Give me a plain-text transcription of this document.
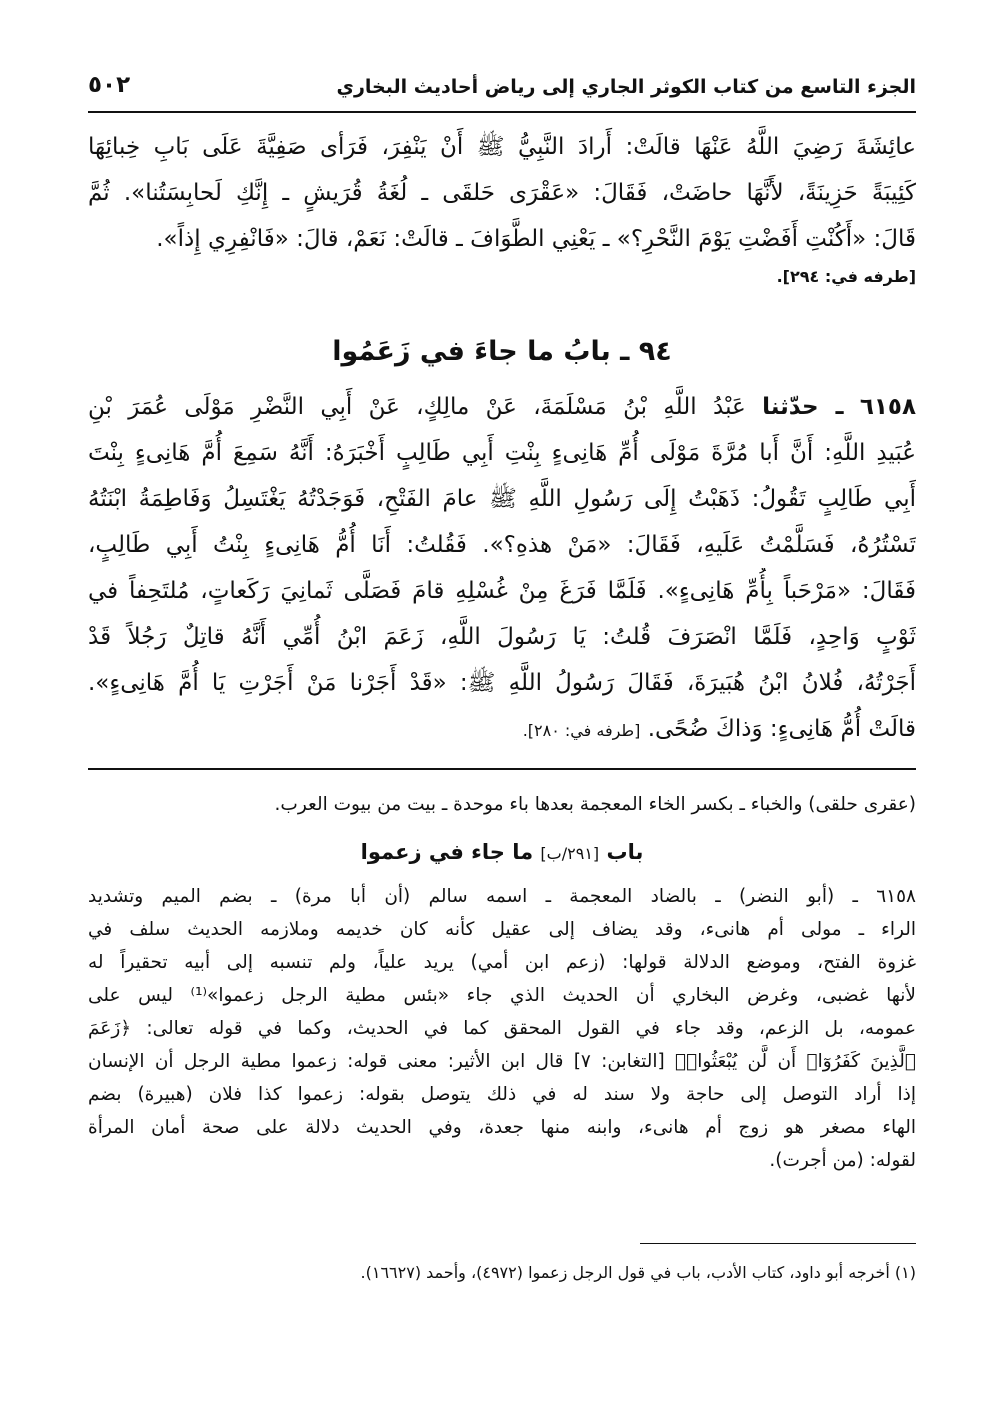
الجزء التاسع من كتاب الكوثر الجاري إلى رياض أحاديث البخاري
٥٠٢
عائِشَةَ رَضِيَ اللَّهُ عَنْهَا قالَتْ: أَرادَ النَّبِيُّ ﷺ أَنْ يَنْفِرَ، فَرَأى صَفِيَّةَ عَلَى بَابِ خِبائِهَا
كَئِيبَةً حَزِينَةً، لأَنَّهَا حاضَتْ، فَقَالَ: «عَقْرَى حَلقَى ـ لُغَةُ قُرَيشٍ ـ إِنَّكِ لَحابِسَتُنا». ثُمَّ
قَالَ: «أَكُنْتِ أَفَضْتِ يَوْمَ النَّحْرِ؟» ـ يَعْنِي الطَّوَافَ ـ قالَتْ: نَعَمْ، قالَ: «فَانْفِرِي إِذاً».
[طرفه في: ٢٩٤].
٩٤ ـ بابُ ما جاءَ في زَعَمُوا
٦١٥٨ ـ حدّثنا عَبْدُ اللَّهِ بْنُ مَسْلَمَةَ، عَنْ مالِكٍ، عَنْ أَبِي النَّضْرِ مَوْلَى عُمَرَ بْنِ
عُبَيدِ اللَّهِ: أَنَّ أَبا مُرَّةَ مَوْلَى أُمِّ هَانِىءٍ بِنْتِ أَبِي طَالِبٍ أَخْبَرَهُ: أَنَّهُ سَمِعَ أُمَّ هَانِىءٍ بِنْتَ
أَبِي طَالِبٍ تَقُولُ: ذَهَبْتُ إِلَى رَسُولِ اللَّهِ ﷺ عامَ الفَتْحِ، فَوَجَدْتُهُ يَغْتَسِلُ وَفَاطِمَةُ ابْنَتُهُ
تَسْتُرُهُ، فَسَلَّمْتُ عَلَيهِ، فَقَالَ: «مَنْ هذهِ؟». فَقُلتُ: أَنَا أُمُّ هَانِىءٍ بِنْتُ أَبِي طَالِبٍ،
فَقَالَ: «مَرْحَباً بِأُمِّ هَانِىءٍ». فَلَمَّا فَرَغَ مِنْ غُسْلِهِ قامَ فَصَلَّى ثَمانِيَ رَكَعاتٍ، مُلتَحِفاً في
ثَوْبٍ وَاحِدٍ، فَلَمَّا انْصَرَفَ قُلتُ: يَا رَسُولَ اللَّهِ، زَعَمَ ابْنُ أُمِّي أَنَّهُ قاتِلٌ رَجُلاً قَدْ
أَجَرْتُهُ، فُلانُ ابْنُ هُبَيرَةَ، فَقَالَ رَسُولُ اللَّهِ ﷺ: «قَدْ أَجَرْنا مَنْ أَجَرْتِ يَا أُمَّ هَانِىءٍ».
قالَتْ أُمُّ هَانِىءٍ: وَذاكَ ضُحًى. [طرفه في: ٢٨٠].
(عقرى حلقى) والخباء ـ بكسر الخاء المعجمة بعدها باء موحدة ـ بيت من بيوت العرب.
باب [٢٩١/ب] ما جاء في زعموا
٦١٥٨ ـ (أبو النضر) ـ بالضاد المعجمة ـ اسمه سالم (أن أبا مرة) ـ بضم الميم وتشديد
الراء ـ مولى أم هانىء، وقد يضاف إلى عقيل كأنه كان خديمه وملازمه الحديث سلف في
غزوة الفتح، وموضع الدلالة قولها: (زعم ابن أمي) يريد علياً، ولم تنسبه إلى أبيه تحقيراً له
لأنها غضبى، وغرض البخاري أن الحديث الذي جاء «بئس مطية الرجل زعموا»⁽¹⁾ ليس على
عمومه، بل الزعم، وقد جاء في القول المحقق كما في الحديث، وكما في قوله تعالى: ﴿زَعَمَ
ٱلَّذِينَ كَفَرُوٓا۟ أَن لَّن يُبْعَثُوا۟﴾ [التغابن: ٧] قال ابن الأثير: معنى قوله: زعموا مطية الرجل أن الإنسان
إذا أراد التوصل إلى حاجة ولا سند له في ذلك يتوصل بقوله: زعموا كذا فلان (هبيرة) بضم
الهاء مصغر هو زوج أم هانىء، وابنه منها جعدة، وفي الحديث دلالة على صحة أمان المرأة
لقوله: (من أجرت).
(١) أخرجه أبو داود، كتاب الأدب، باب في قول الرجل زعموا (٤٩٧٢)، وأحمد (١٦٦٢٧).
